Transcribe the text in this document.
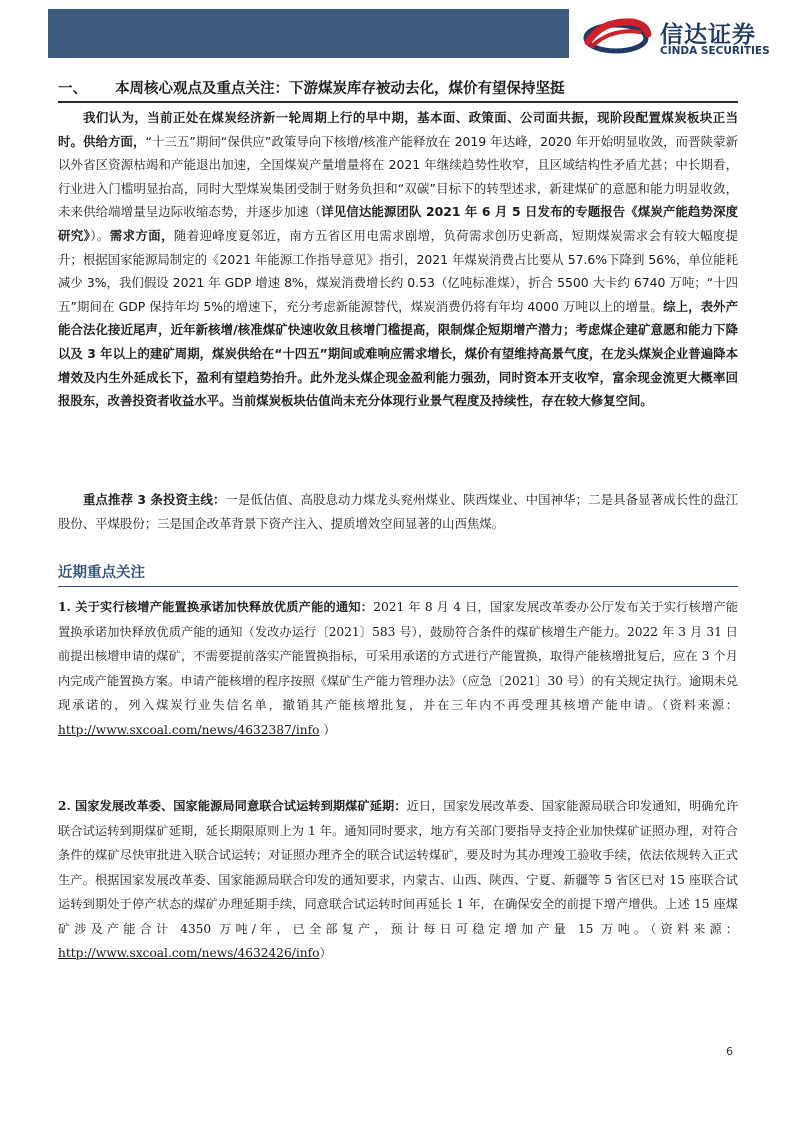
信达证券
CINDA SECURITIES
一、 本周核心观点及重点关注：下游煤炭库存被动去化，煤价有望保持坚挺

我们认为，当前正处在煤炭经济新一轮周期上行的早中期，基本面、政策面、公司面共振，现阶段配置煤炭板块正当时。供给方面，“十三五”期间“保供应”政策导向下核增/核准产能释放在 2019 年达峰，2020 年开始明显收敛，而晋陕蒙新以外省区资源枯竭和产能退出加速，全国煤炭产量增量将在 2021 年继续趋势性收窄，且区域结构性矛盾尤甚；中长期看，行业进入门槛明显抬高，同时大型煤炭集团受制于财务负担和“双碳”目标下的转型述求，新建煤矿的意愿和能力明显收敛，未来供给端增量呈边际收缩态势，并逐步加速（详见信达能源团队 2021 年 6 月 5 日发布的专题报告《煤炭产能趋势深度研究》）。需求方面，随着迎峰度夏邻近，南方五省区用电需求剧增，负荷需求创历史新高，短期煤炭需求会有较大幅度提升；根据国家能源局制定的《2021 年能源工作指导意见》指引，2021 年煤炭消费占比要从 57.6%下降到 56%，单位能耗减少 3%，我们假设 2021 年 GDP 增速 8%，煤炭消费增长约 0.53（亿吨标准煤），折合 5500 大卡约 6740 万吨；“十四五”期间在 GDP 保持年均 5%的增速下，充分考虑新能源替代，煤炭消费仍将有年均 4000 万吨以上的增量。综上，表外产能合法化接近尾声，近年新核增/核准煤矿快速收敛且核增门槛提高，限制煤企短期增产潜力；考虑煤企建矿意愿和能力下降以及 3 年以上的建矿周期，煤炭供给在“十四五”期间或难响应需求增长，煤价有望维持高景气度，在龙头煤炭企业普遍降本增效及内生外延成长下，盈利有望趋势抬升。此外龙头煤企现金盈利能力强劲，同时资本开支收窄，富余现金流更大概率回报股东，改善投资者收益水平。当前煤炭板块估值尚未充分体现行业景气程度及持续性，存在较大修复空间。

重点推荐 3 条投资主线：一是低估值、高股息动力煤龙头兖州煤业、陕西煤业、中国神华；二是具备显著成长性的盘江股份、平煤股份；三是国企改革背景下资产注入、提质增效空间显著的山西焦煤。

近期重点关注

1. 关于实行核增产能置换承诺加快释放优质产能的通知：2021 年 8 月 4 日，国家发展改革委办公厅发布关于实行核增产能置换承诺加快释放优质产能的通知（发改办运行〔2021〕583 号），鼓励符合条件的煤矿核增生产能力。2022 年 3 月 31 日前提出核增申请的煤矿，不需要提前落实产能置换指标，可采用承诺的方式进行产能置换，取得产能核增批复后，应在 3 个月内完成产能置换方案。申请产能核增的程序按照《煤矿生产能力管理办法》（应急〔2021〕30 号）的有关规定执行。逾期未兑现承诺的，列入煤炭行业失信名单，撤销其产能核增批复，并在三年内不再受理其核增产能申请。（资料来源：http://www.sxcoal.com/news/4632387/info ）

2. 国家发展改革委、国家能源局同意联合试运转到期煤矿延期：近日，国家发展改革委、国家能源局联合印发通知，明确允许联合试运转到期煤矿延期，延长期限原则上为 1 年。通知同时要求，地方有关部门要指导支持企业加快煤矿证照办理，对符合条件的煤矿尽快审批进入联合试运转；对证照办理齐全的联合试运转煤矿，要及时为其办理竣工验收手续，依法依规转入正式生产。根据国家发展改革委、国家能源局联合印发的通知要求，内蒙古、山西、陕西、宁夏、新疆等 5 省区已对 15 座联合试运转到期处于停产状态的煤矿办理延期手续，同意联合试运转时间再延长 1 年，在确保安全的前提下增产增供。上述 15 座煤矿涉及产能合计 4350 万吨/年，已全部复产，预计每日可稳定增加产量 15 万吨。（资料来源：http://www.sxcoal.com/news/4632426/info）

6
